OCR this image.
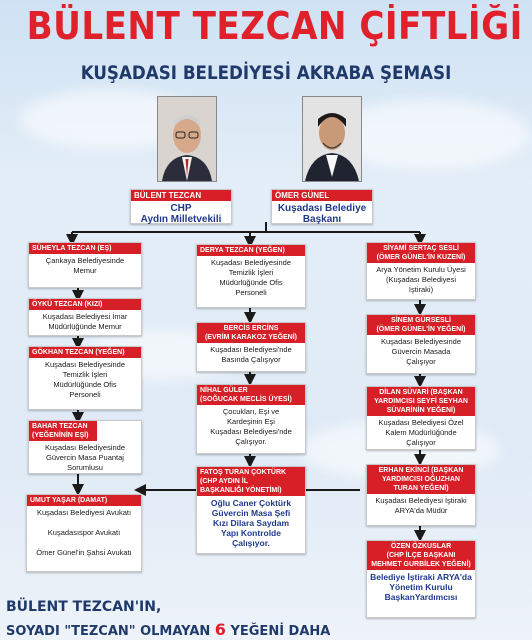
BÜLENT TEZCAN ÇİFTLİĞİ
KUŞADASI BELEDİYESİ AKRABA ŞEMASI
BÜLENT TEZCAN
CHP
Aydın Milletvekili
ÖMER GÜNEL
Kuşadası Belediye
Başkanı
SÜHEYLA TEZCAN (EŞ)
Çankaya Belediyesinde
Memur
ÖYKÜ TEZCAN (KIZI)
Kuşadası Belediyesi İmar
Müdürlüğünde Memur
GÖKHAN TEZCAN (YEĞEN)
Kuşadası Belediyesinde
Temizlik İşleri
Müdürlüğünde Ofis
Personeli
BAHAR TEZCAN
(YEĞENİNİN EŞİ)
Kuşadası Belediyesinde
Güvercin Masa Puantaj
Sorumlusu
UMUT YAŞAR (DAMAT)
Kuşadası Belediyesi Avukatı

Kuşadasıspor Avukatı

Ömer Günel'in Şahsi Avukatı
DERYA TEZCAN (YEĞEN)
Kuşadası Belediyesinde
Temizlik İşleri
Müdürlüğünde Ofis
Personeli
BERCİS ERCİNS
(EVRİM KARAKOZ YEĞENİ)
Kuşadası Belediyesi'nde
Basında Çalışıyor
NİHAL GÜLER
(SOĞUCAK MECLİS ÜYESİ)
Çocukları, Eşi ve
Kardeşinin Eşi
Kuşadası Belediyesi'nde
Çalışıyor.
FATOŞ TURAN ÇOKTÜRK
(CHP AYDIN İL
BAŞKANLIĞI YÖNETİMİ)
Oğlu Caner Çoktürk
Güvercin Masa Şefi
Kızı Dilara Saydam
Yapı Kontrolde
Çalışıyor.
SİYAMİ SERTAÇ SESLİ
(ÖMER GÜNEL'İN KUZENİ)
Arya Yönetim Kurulu Üyesi
(Kuşadası Belediyesi
İştiraki)
SİNEM GÜRSESLİ
(ÖMER GÜNEL'İN YEĞENİ)
Kuşadası Belediyesinde
Güvercin Masada
Çalışıyor
DİLAN SÜVARİ (BAŞKAN
YARDIMCISI SEYFİ SEYHAN
SÜVARİNİN YEĞENİ)
Kuşadası Belediyesi Özel
Kalem Müdürlüğünde
Çalışıyor
ERHAN EKİNCİ (BAŞKAN
YARDIMCISI OĞUZHAN
TURAN YEĞENİ)
Kuşadası Belediyesi İştiraki
ARYA'da Müdür
ÖZEN ÖZKUSLAR
(CHP İLÇE BAŞKANI
MEHMET GURBİLEK YEĞENİ)
Belediye İştiraki ARYA'da
Yönetim Kurulu
BaşkanYardımcısı
BÜLENT TEZCAN'IN,
SOYADI "TEZCAN" OLMAYAN 6 YEĞENİ DAHA
